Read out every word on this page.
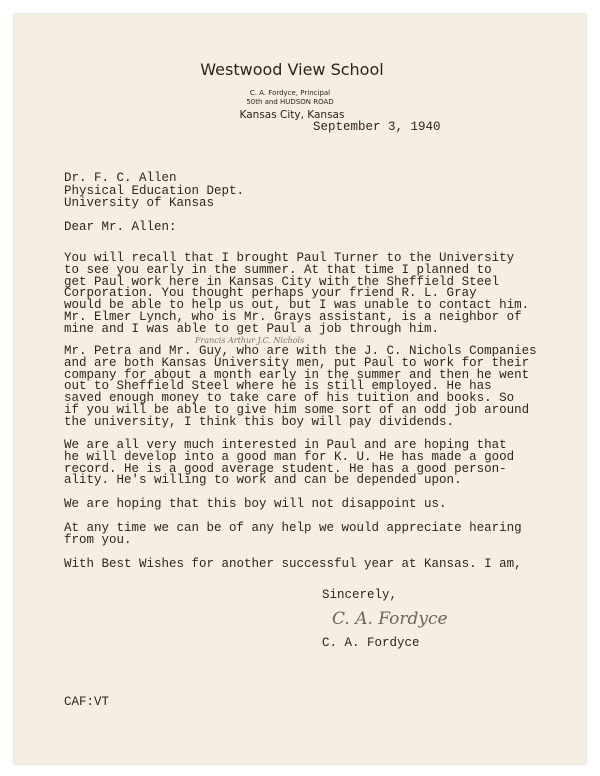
Westwood View School
C. A. Fordyce, Principal
50th and HUDSON ROAD
Kansas City, Kansas
September 3, 1940
Dr. F. C. Allen
Physical Education Dept.
University of Kansas
Dear Mr. Allen:
You will recall that I brought Paul Turner to the University
to see you early in the summer. At that time I planned to
get Paul work here in Kansas City with the Sheffield Steel
Corporation. You thought perhaps your friend R. L. Gray
would be able to help us out, but I was unable to contact him.
Mr. Elmer Lynch, who is Mr. Grays assistant, is a neighbor of
mine and I was able to get Paul a job through him.
Mr. Petra and Mr. Guy, who are with the J. C. Nichols Companies
and are both Kansas University men, put Paul to work for their
company for about a month early in the summer and then he went
out to Sheffield Steel where he is still employed. He has
saved enough money to take care of his tuition and books. So
if you will be able to give him some sort of an odd job around
the university, I think this boy will pay dividends.
We are all very much interested in Paul and are hoping that
he will develop into a good man for K. U. He has made a good
record. He is a good average student. He has a good person-
ality. He's willing to work and can be depended upon.
We are hoping that this boy will not disappoint us.
At any time we can be of any help we would appreciate hearing
from you.
With Best Wishes for another successful year at Kansas. I am,
Francis Arthur J.C. Nichols
Sincerely,
C. A. Fordyce
C. A. Fordyce
CAF:VT
